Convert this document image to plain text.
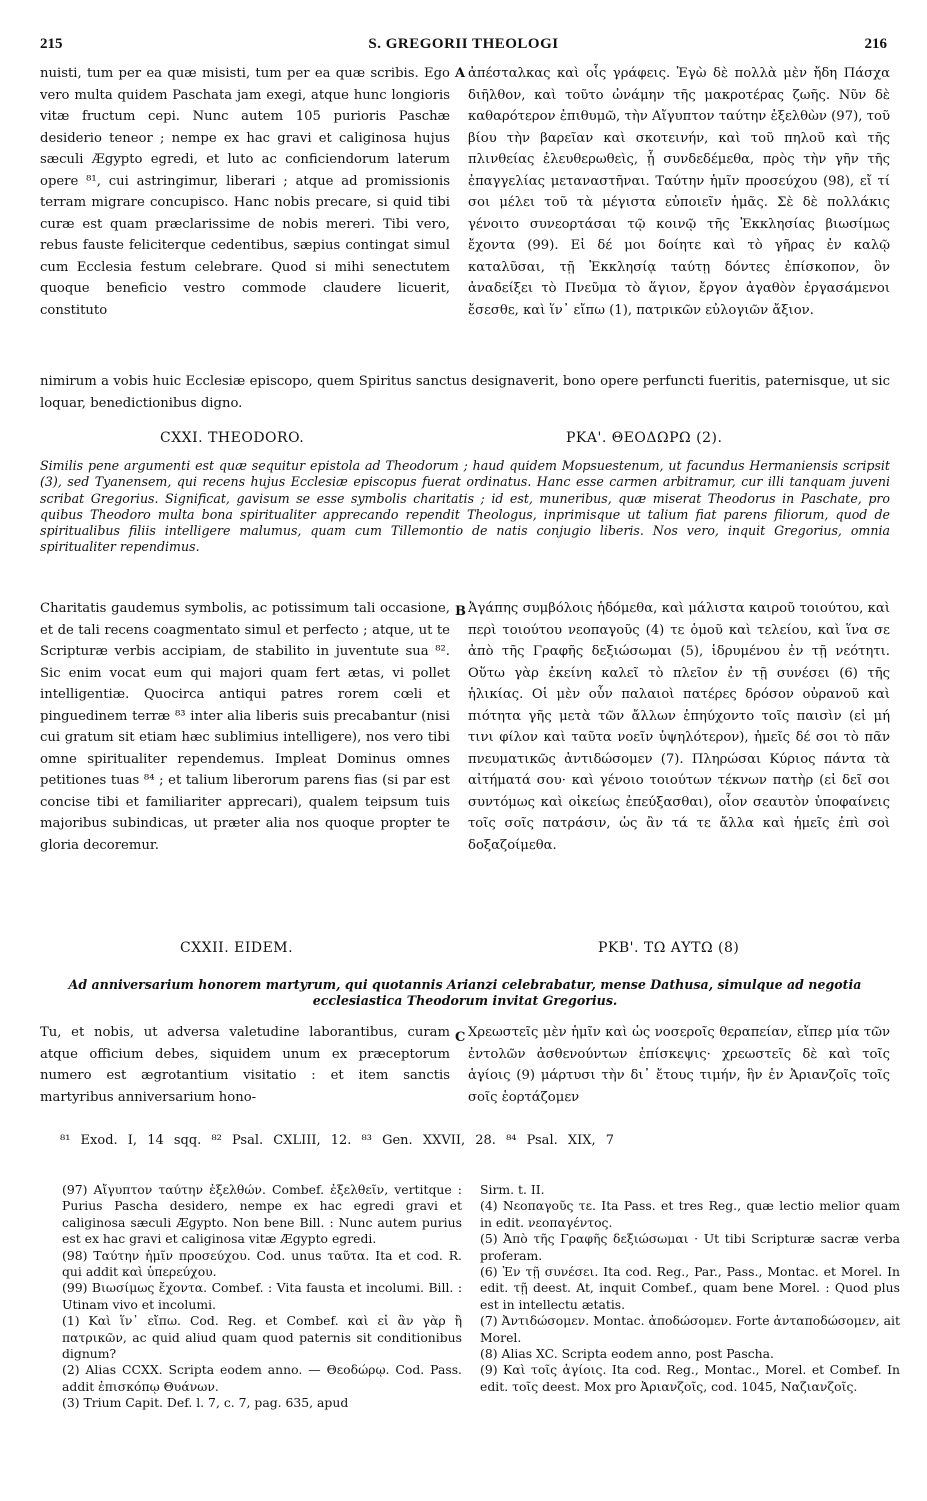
215	S. GREGORII THEOLOGI	216
nuisti, tum per ea quæ misisti, tum per ea quæ scribis. Ego vero multa quidem Paschata jam exegi, atque hunc longioris vitæ fructum cepi. Nunc autem 105 purioris Paschæ desiderio teneor ; nempe ex hac gravi et caliginosa hujus sæculi Ægypto egredi, et luto ac conficiendorum laterum opere ⁸¹, cui astringimur, liberari ; atque ad promissionis terram migrare concupisco. Hanc nobis precare, si quid tibi curæ est quam præclarissime de nobis mereri. Tibi vero, rebus fauste feliciterque cedentibus, sæpius contingat simul cum Ecclesia festum celebrare. Quod si mihi senectutem quoque beneficio vestro commode claudere licuerit, constituto
A ἀπέσταλκας καὶ οἷς γράφεις. Ἐγὼ δὲ πολλὰ μὲν ἤδη Πάσχα διῆλθον, καὶ τοῦτο ὠνάμην τῆς μακροτέρας ζωῆς. Νῦν δὲ καθαρότερον ἐπιθυμῶ, τὴν Αἴγυπτον ταύτην ἐξελθὼν (97), τοῦ βίου τὴν βαρεῖαν καὶ σκοτεινήν, καὶ τοῦ πηλοῦ καὶ τῆς πλινθείας ἐλευθερωθεὶς, ᾗ συνδεδέμεθα, πρὸς τὴν γῆν τῆς ἐπαγγελίας μεταναστῆναι. Ταύτην ἡμῖν προσεύχου (98), εἴ τί σοι μέλει τοῦ τὰ μέγιστα εὐποιεῖν ἡμᾶς. Σὲ δὲ πολλάκις γένοιτο συνεορτάσαι τῷ κοινῷ τῆς Ἐκκλησίας βιωσίμως ἔχοντα (99). Εἰ δέ μοι δοίητε καὶ τὸ γῆρας ἐν καλῷ καταλῦσαι, τῇ Ἐκκλησίᾳ ταύτῃ δόντες ἐπίσκοπον, ὃν ἀναδείξει τὸ Πνεῦμα τὸ ἅγιον, ἔργον ἀγαθὸν ἐργασάμενοι ἔσεσθε, καὶ ἵν᾽ εἴπω (1), πατρικῶν εὐλογιῶν ἄξιον.
nimirum a vobis huic Ecclesiæ episcopo, quem Spiritus sanctus designaverit, bono opere perfuncti fueritis, paternisque, ut sic loquar, benedictionibus digno.
CXXI. THEODORO.	ΡΚΑ'. ΘΕΟΔΩΡΩ (2).
Similis pene argumenti est quæ sequitur epistola ad Theodorum ; haud quidem Mopsuestenum, ut facundus Hermaniensis scripsit (3), sed Tyanensem, qui recens hujus Ecclesiæ episcopus fuerat ordinatus. Hanc esse carmen arbitramur, cur illi tanquam juveni scribat Gregorius. Significat, gavisum se esse symbolis charitatis ; id est, muneribus, quæ miserat Theodorus in Paschate, pro quibus Theodoro multa bona spiritualiter apprecando rependit Theologus, inprimisque ut talium fiat parens filiorum, quod de spiritualibus filiis intelligere malumus, quam cum Tillemontio de natis conjugio liberis. Nos vero, inquit Gregorius, omnia spiritualiter rependimus.
B
Charitatis gaudemus symbolis, ac potissimum tali occasione, et de tali recens coagmentato simul et perfecto ; atque, ut te Scripturæ verbis accipiam, de stabilito in juventute sua ⁸². Sic enim vocat eum qui majori quam fert ætas, vi pollet intelligentiæ. Quocirca antiqui patres rorem cœli et pinguedinem terræ ⁸³ inter alia liberis suis precabantur (nisi cui gratum sit etiam hæc sublimius intelligere), nos vero tibi omne spiritualiter rependemus. Impleat Dominus omnes petitiones tuas ⁸⁴ ; et talium liberorum parens fias (si par est concise tibi et familiariter apprecari), qualem teipsum tuis majoribus subindicas, ut præter alia nos quoque propter te gloria decoremur.
Ἀγάπης συμβόλοις ἡδόμεθα, καὶ μάλιστα καιροῦ τοιούτου, καὶ περὶ τοιούτου νεοπαγοῦς (4) τε ὁμοῦ καὶ τελείου, καὶ ἵνα σε ἀπὸ τῆς Γραφῆς δεξιώσωμαι (5), ἱδρυμένου ἐν τῇ νεότητι. Οὕτω γὰρ ἐκείνη καλεῖ τὸ πλεῖον ἐν τῇ συνέσει (6) τῆς ἡλικίας. Οἱ μὲν οὖν παλαιοὶ πατέρες δρόσον οὐρανοῦ καὶ πιότητα γῆς μετὰ τῶν ἄλλων ἐπηύχοντο τοῖς παισὶν (εἰ μή τινι φίλον καὶ ταῦτα νοεῖν ὑψηλότερον), ἡμεῖς δέ σοι τὸ πᾶν πνευματικῶς ἀντιδώσομεν (7). Πληρώσαι Κύριος πάντα τὰ αἰτήματά σου· καὶ γένοιο τοιούτων τέκνων πατὴρ (εἰ δεῖ σοι συντόμως καὶ οἰκείως ἐπεύξασθαι), οἷον σεαυτὸν ὑποφαίνεις τοῖς σοῖς πατράσιν, ὡς ἂν τά τε ἄλλα καὶ ἡμεῖς ἐπὶ σοὶ δοξαζοίμεθα.
CXXII. EIDEM.	ΡΚΒ'. ΤΩ ΑΥΤΩ (8)
Ad anniversarium honorem martyrum, qui quotannis Arianzi celebrabatur, mense Dathusa, simulque ad negotia ecclesiastica Theodorum invitat Gregorius.
C
Tu, et nobis, ut adversa valetudine laborantibus, curam atque officium debes, siquidem unum ex præceptorum numero est ægrotantium visitatio : et item sanctis martyribus anniversarium hono-
Χρεωστεῖς μὲν ἡμῖν καὶ ὡς νοσεροῖς θεραπείαν, εἴπερ μία τῶν ἐντολῶν ἀσθενούντων ἐπίσκεψις· χρεωστεῖς δὲ καὶ τοῖς ἁγίοις (9) μάρτυσι τὴν δι᾽ ἔτους τιμήν, ἣν ἐν Ἀριανζοῖς τοῖς σοῖς ἑορτάζομεν
⁸¹ Exod. I, 14 sqq. ⁸² Psal. CXLIII, 12. ⁸³ Gen. XXVII, 28. ⁸⁴ Psal. XIX, 7

(97) Αἴγυπτον ταύτην ἐξελθών. Combef. ἐξελθεῖν, vertitque : Purius Pascha desidero, nempe ex hac egredi gravi et caliginosa sæculi Ægypto. Non bene Bill. : Nunc autem purius est ex hac gravi et caliginosa vitæ Ægypto egredi.

(98) Ταύτην ἡμῖν προσεύχου. Cod. unus ταῦτα. Ita et cod. R. qui addit καὶ ὑπερεύχου.

(99) Βιωσίμως ἔχοντα. Combef. : Vita fausta et incolumi. Bill. : Utinam vivo et incolumi.

(1) Καὶ ἵν᾽ εἴπω. Cod. Reg. et Combef. καὶ εἰ ἂν γὰρ ἢ πατρικῶν, ac quid aliud quam quod paternis sit conditionibus dignum?

(2) Alias CCXX. Scripta eodem anno. — Θεοδώρῳ. Cod. Pass. addit ἐπισκόπῳ Θυάνων.

(3) Trium Capit. Def. l. 7, c. 7, pag. 635, apud

Sirm. t. II.

(4) Νεοπαγοῦς τε. Ita Pass. et tres Reg., quæ lectio melior quam in edit. νεοπαγέντος.

(5) Ἀπὸ τῆς Γραφῆς δεξιώσωμαι · Ut tibi Scripturæ sacræ verba proferam.

(6) Ἐν τῇ συνέσει. Ita cod. Reg., Par., Pass., Montac. et Morel. In edit. τῇ deest. At, inquit Combef., quam bene Morel. : Quod plus est in intellectu ætatis.

(7) Ἀντιδώσομεν. Montac. ἀποδώσομεν. Forte ἀνταποδώσομεν, ait Morel.

(8) Alias XC. Scripta eodem anno, post Pascha.

(9) Καὶ τοῖς ἁγίοις. Ita cod. Reg., Montac., Morel. et Combef. In edit. τοῖς deest. Mox pro Ἀριανζοῖς, cod. 1045, Ναζιανζοῖς.
